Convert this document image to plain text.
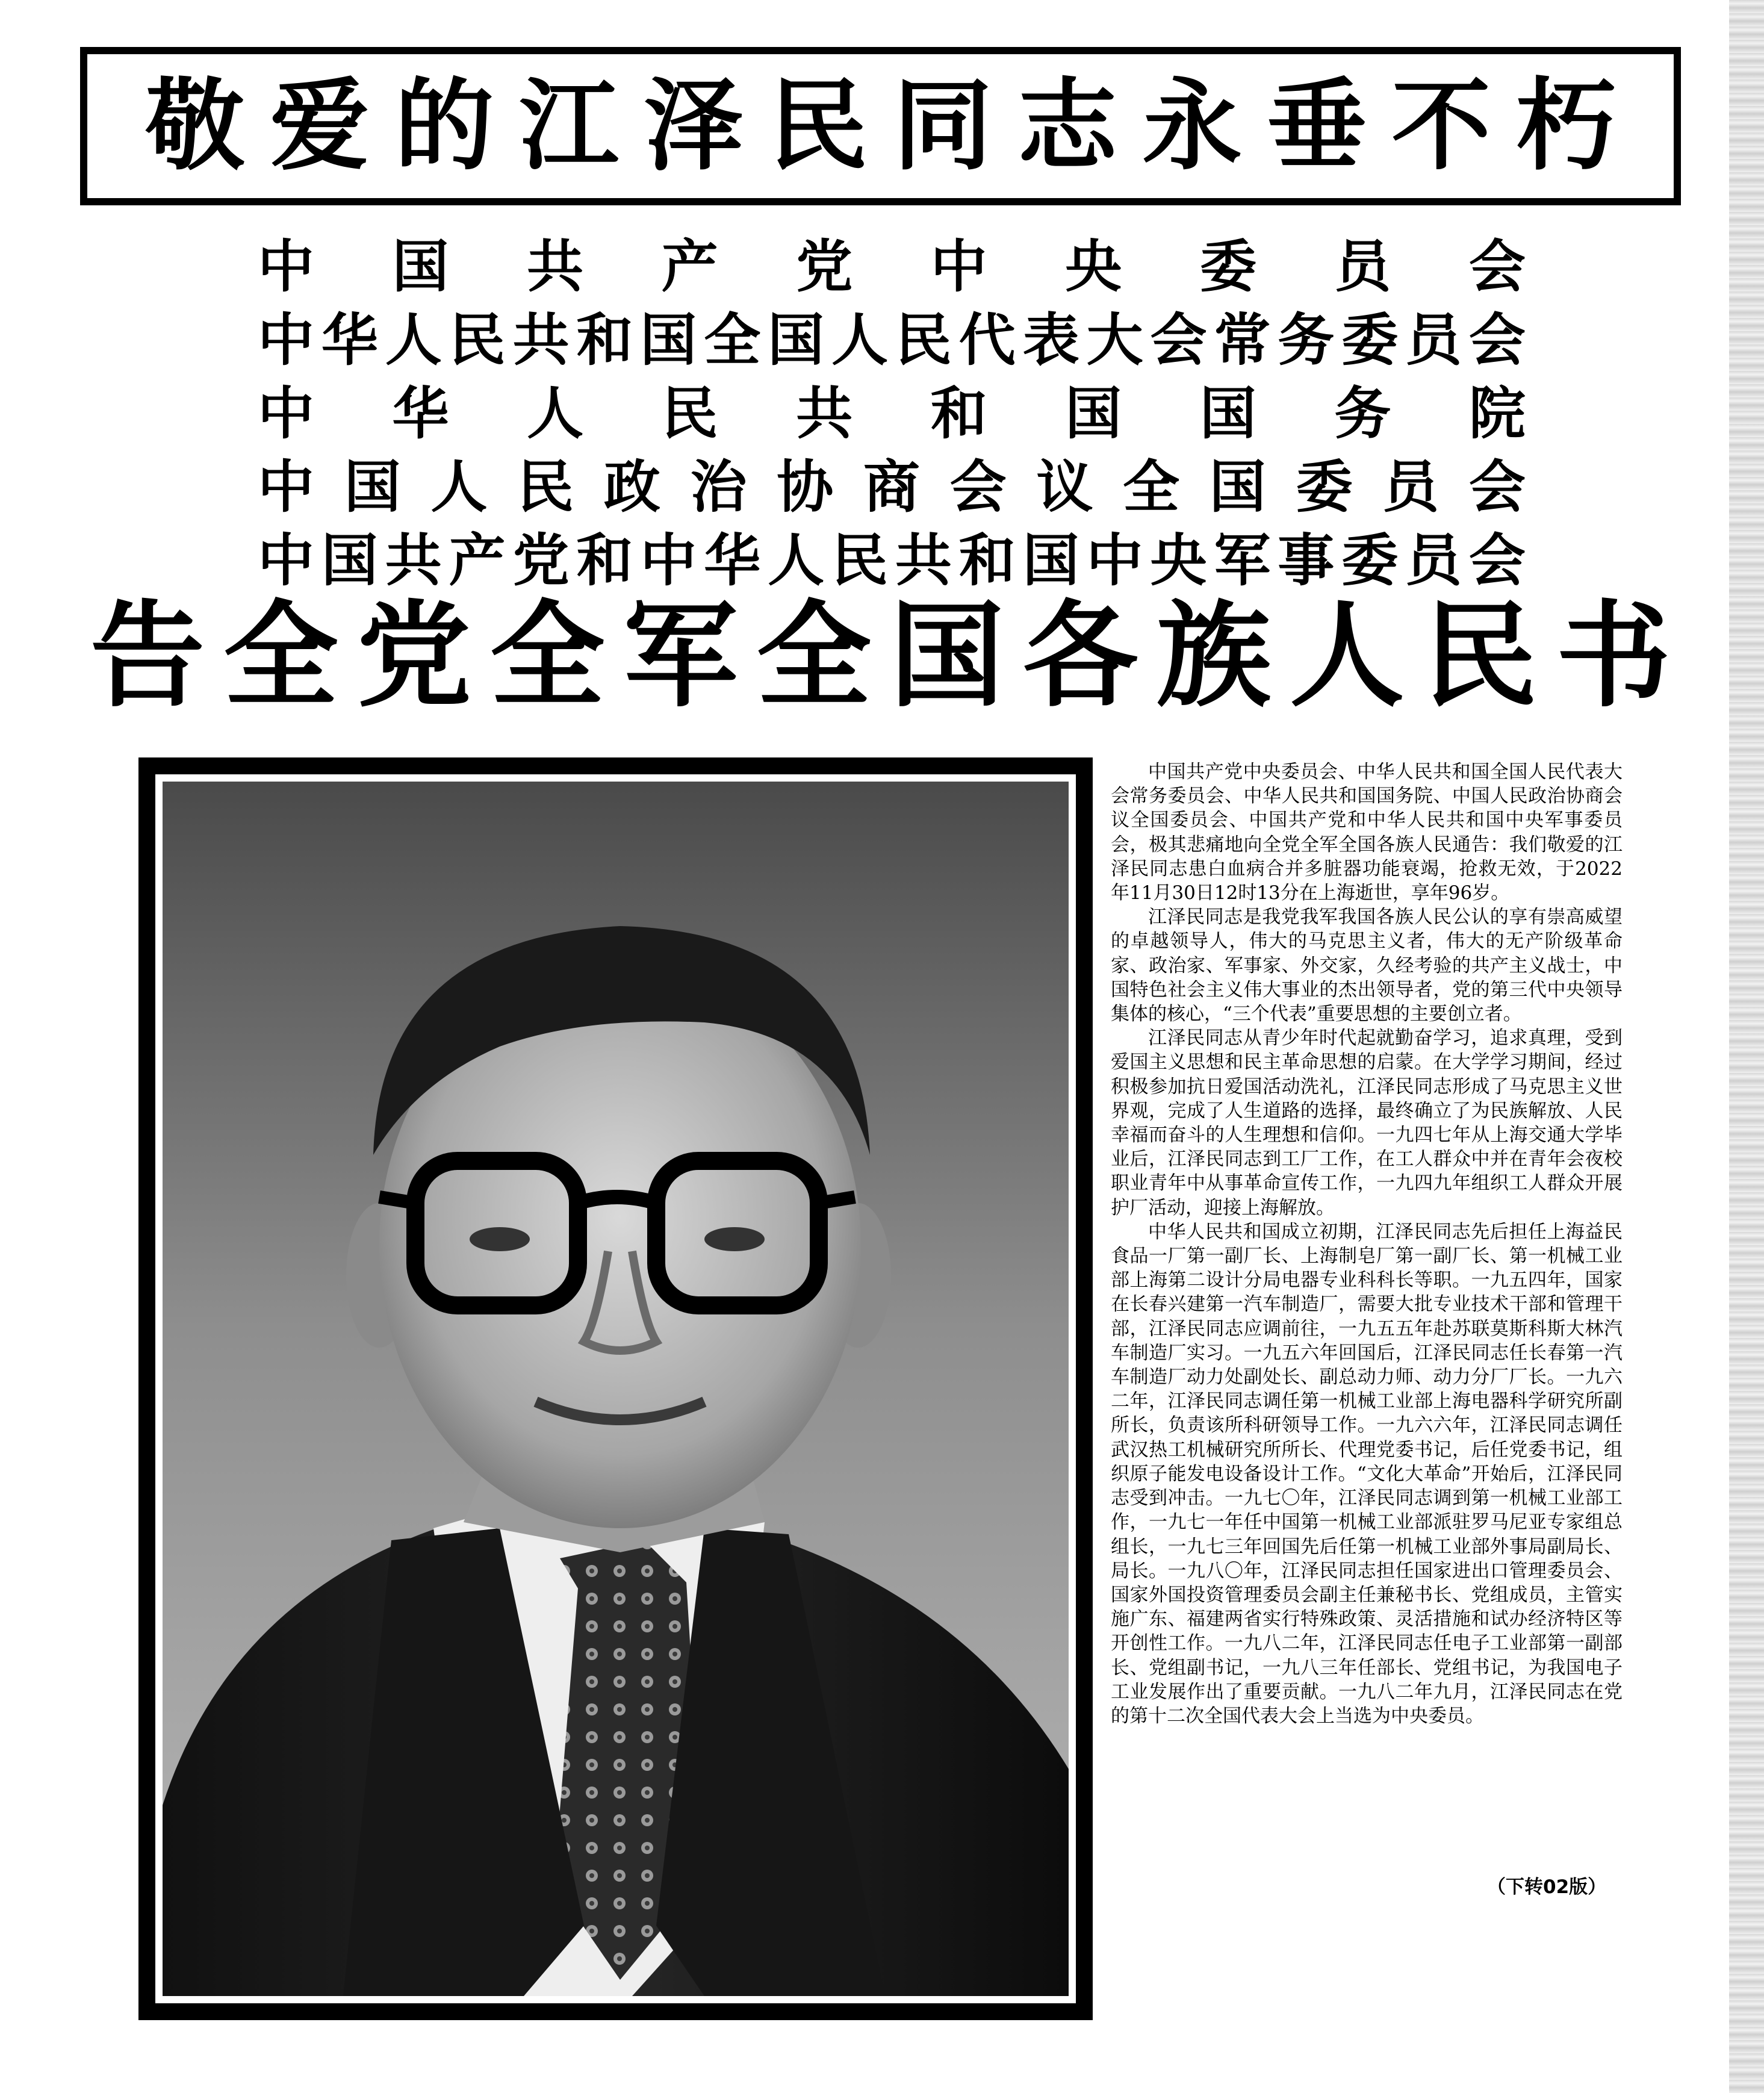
敬爱的江泽民同志永垂不朽
中 国 共 产 党 中 央 委 员 会
中 华 人 民 共 和 国 全 国 人 民 代 表 大 会 常 务 委 员 会
中 华 人 民 共 和 国 国 务 院
中 国 人 民 政 治 协 商 会 议 全 国 委 员 会
中 国 共 产 党 和 中 华 人 民 共 和 国 中 央 军 事 委 员 会
告 全 党 全 军 全 国 各 族 人 民 书

中国共产党中央委员会、中华人民共和国全国人民代表大会常务委员会、中华人民共和国国务院、中国人民政治协商会议全国委员会、中国共产党和中华人民共和国中央军事委员会，极其悲痛地向全党全军全国各族人民通告：我们敬爱的江泽民同志患白血病合并多脏器功能衰竭，抢救无效，于2022年11月30日12时13分在上海逝世，享年96岁。

江泽民同志是我党我军我国各族人民公认的享有崇高威望的卓越领导人，伟大的马克思主义者，伟大的无产阶级革命家、政治家、军事家、外交家，久经考验的共产主义战士，中国特色社会主义伟大事业的杰出领导者，党的第三代中央领导集体的核心，“三个代表”重要思想的主要创立者。

江泽民同志从青少年时代起就勤奋学习，追求真理，受到爱国主义思想和民主革命思想的启蒙。在大学学习期间，经过积极参加抗日爱国活动洗礼，江泽民同志形成了马克思主义世界观，完成了人生道路的选择，最终确立了为民族解放、人民幸福而奋斗的人生理想和信仰。一九四七年从上海交通大学毕业后，江泽民同志到工厂工作，在工人群众中并在青年会夜校职业青年中从事革命宣传工作，一九四九年组织工人群众开展护厂活动，迎接上海解放。

中华人民共和国成立初期，江泽民同志先后担任上海益民食品一厂第一副厂长、上海制皂厂第一副厂长、第一机械工业部上海第二设计分局电器专业科科长等职。一九五四年，国家在长春兴建第一汽车制造厂，需要大批专业技术干部和管理干部，江泽民同志应调前往，一九五五年赴苏联莫斯科斯大林汽车制造厂实习。一九五六年回国后，江泽民同志任长春第一汽车制造厂动力处副处长、副总动力师、动力分厂厂长。一九六二年，江泽民同志调任第一机械工业部上海电器科学研究所副所长，负责该所科研领导工作。一九六六年，江泽民同志调任武汉热工机械研究所所长、代理党委书记，后任党委书记，组织原子能发电设备设计工作。“文化大革命”开始后，江泽民同志受到冲击。一九七〇年，江泽民同志调到第一机械工业部工作，一九七一年任中国第一机械工业部派驻罗马尼亚专家组总组长，一九七三年回国先后任第一机械工业部外事局副局长、局长。一九八〇年，江泽民同志担任国家进出口管理委员会、国家外国投资管理委员会副主任兼秘书长、党组成员，主管实施广东、福建两省实行特殊政策、灵活措施和试办经济特区等开创性工作。一九八二年，江泽民同志任电子工业部第一副部长、党组副书记，一九八三年任部长、党组书记，为我国电子工业发展作出了重要贡献。一九八二年九月，江泽民同志在党的第十二次全国代表大会上当选为中央委员。

（下转02版）
